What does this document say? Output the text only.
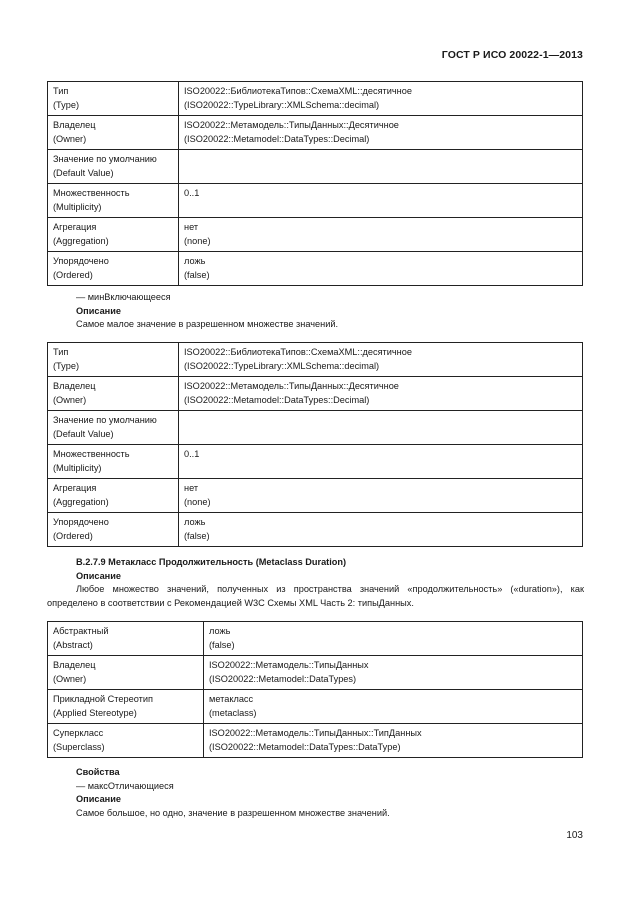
ГОСТ Р ИСО 20022-1—2013
Тип
(Type)	ISO20022::БиблиотекаТипов::СхемаXML::десятичное
(ISO20022::TypeLibrary::XMLSchema::decimal)

Владелец
(Owner)	ISO20022::Метамодель::ТипыДанных::Десятичное
(ISO20022::Metamodel::DataTypes::Decimal)

Значение по умолчанию
(Default Value)	

Множественность
(Multiplicity)	0..1

Агрегация
(Aggregation)	нет
(none)

Упорядочено
(Ordered)	ложь
(false)
— минВключающееся
Описание
Самое малое значение в разрешенном множестве значений.
Тип
(Type)	ISO20022::БиблиотекаТипов::СхемаXML::десятичное
(ISO20022::TypeLibrary::XMLSchema::decimal)

Владелец
(Owner)	ISO20022::Метамодель::ТипыДанных::Десятичное
(ISO20022::Metamodel::DataTypes::Decimal)

Значение по умолчанию
(Default Value)	

Множественность
(Multiplicity)	0..1

Агрегация
(Aggregation)	нет
(none)

Упорядочено
(Ordered)	ложь
(false)
B.2.7.9 Метакласс Продолжительность (Metaclass Duration)
Описание
Любое множество значений, полученных из пространства значений «продолжительность» («duration»), как
определено в соответствии с Рекомендацией W3C Схемы XML Часть 2: типыДанных.
Абстрактный
(Abstract)	ложь
(false)

Владелец
(Owner)	ISO20022::Метамодель::ТипыДанных
(ISO20022::Metamodel::DataTypes)

Прикладной Стереотип
(Applied Stereotype)	метакласс
(metaclass)

Суперкласс
(Superclass)	ISO20022::Метамодель::ТипыДанных::ТипДанных
(ISO20022::Metamodel::DataTypes::DataType)
Свойства
— максОтличающиеся
Описание
Самое большое, но одно, значение в разрешенном множестве значений.
103
